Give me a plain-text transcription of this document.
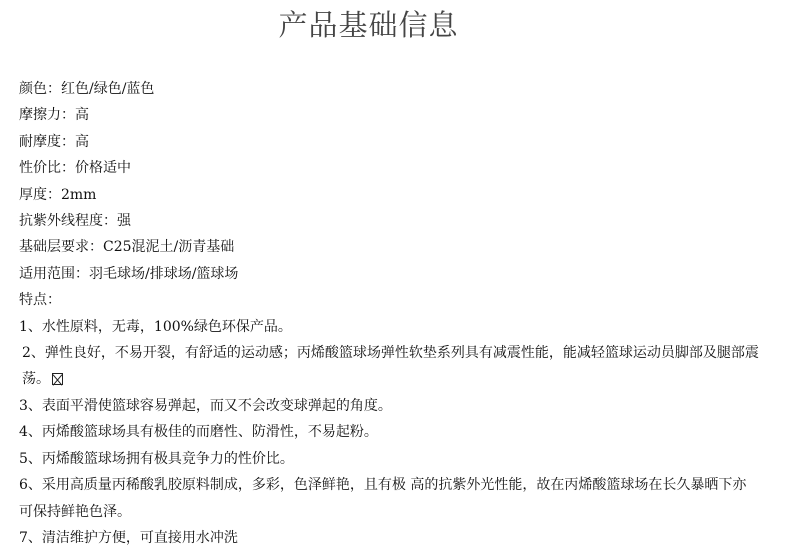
产品基础信息
颜色：红色/绿色/蓝色
摩擦力：高
耐摩度：高
性价比：价格适中
厚度：2mm
抗紫外线程度：强
基础层要求：C25混泥土/沥青基础
适用范围：羽毛球场/排球场/篮球场
特点：
1、水性原料，无毒，100%绿色环保产品。
2、弹性良好，不易开裂，有舒适的运动感；丙烯酸篮球场弹性软垫系列具有减震性能，能减轻篮球运动员脚部及腿部震荡。
3、表面平滑使篮球容易弹起，而又不会改变球弹起的角度。
4、丙烯酸篮球场具有极佳的而磨性、防滑性，不易起粉。
5、丙烯酸篮球场拥有极具竞争力的性价比。
6、采用高质量丙稀酸乳胶原料制成，多彩，色泽鲜艳，且有极 高的抗紫外光性能，故在丙烯酸篮球场在长久暴晒下亦可保持鲜艳色泽。
7、清洁维护方便，可直接用水冲洗
